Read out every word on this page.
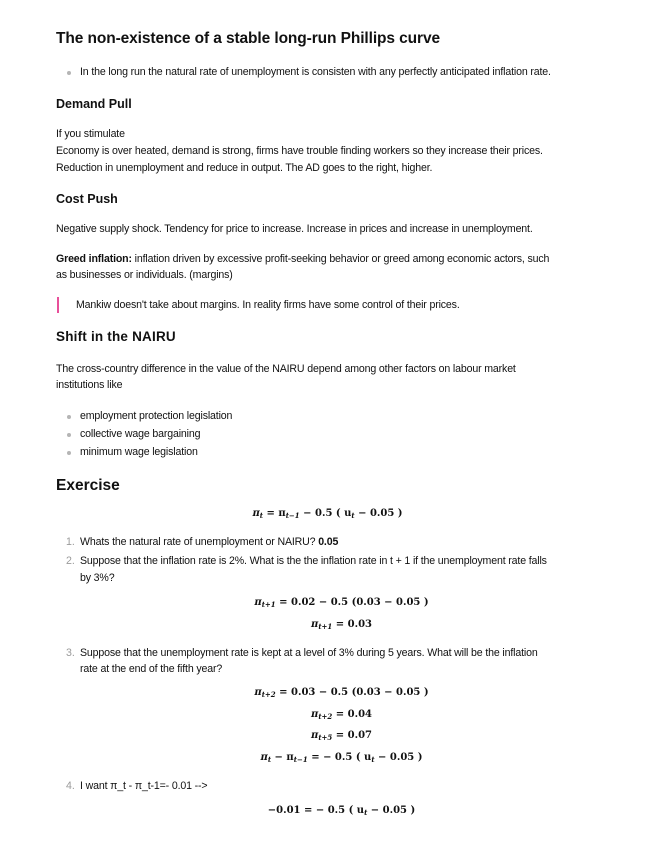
The non-existence of a stable long-run Phillips curve
In the long run the natural rate of unemployment is consisten with any perfectly anticipated inflation rate.
Demand Pull
If you stimulate
Economy is over heated, demand is strong, firms have trouble finding workers so they increase their prices.
Reduction in unemployment and reduce in output. The AD goes to the right, higher.
Cost Push
Negative supply shock. Tendency for price to increase. Increase in prices and increase in unemployment.
Greed inflation: inflation driven by excessive profit-seeking behavior or greed among economic actors, such
as businesses or individuals. (margins)
Mankiw doesn't take about margins. In reality firms have some control of their prices.
Shift in the NAIRU
The cross-country difference in the value of the NAIRU depend among other factors on labour market
institutions like
employment protection legislation
collective wage bargaining
minimum wage legislation
Exercise
$\pi_t = \pi_{t-1} - 0.5$ ( $u_t - 0.05$ )
1. Whats the natural rate of unemployment or NAIRU? 0.05
2. Suppose that the inflation rate is 2%. What is the the inflation rate in t + 1 if the unemployment rate falls
by 3%?
$\pi_{t+1} = 0.02 - 0.5$ (0.03 − 0.05 )
$\pi_{t+1} = 0.03$
3. Suppose that the unemployment rate is kept at a level of 3% during 5 years. What will be the inflation
rate at the end of the fifth year?
$\pi_{t+2} = 0.03 - 0.5$ (0.03 − 0.05 )
$\pi_{t+2} = 0.04$
$\pi_{t+5} = 0.07$
$\pi_t - \pi_{t-1}$ = − 0.5 ( $u_t - 0.05$ )
4. I want π_t - π_t-1=- 0.01 -->
−0.01 = − 0.5 ( $u_t - 0.05$ )
